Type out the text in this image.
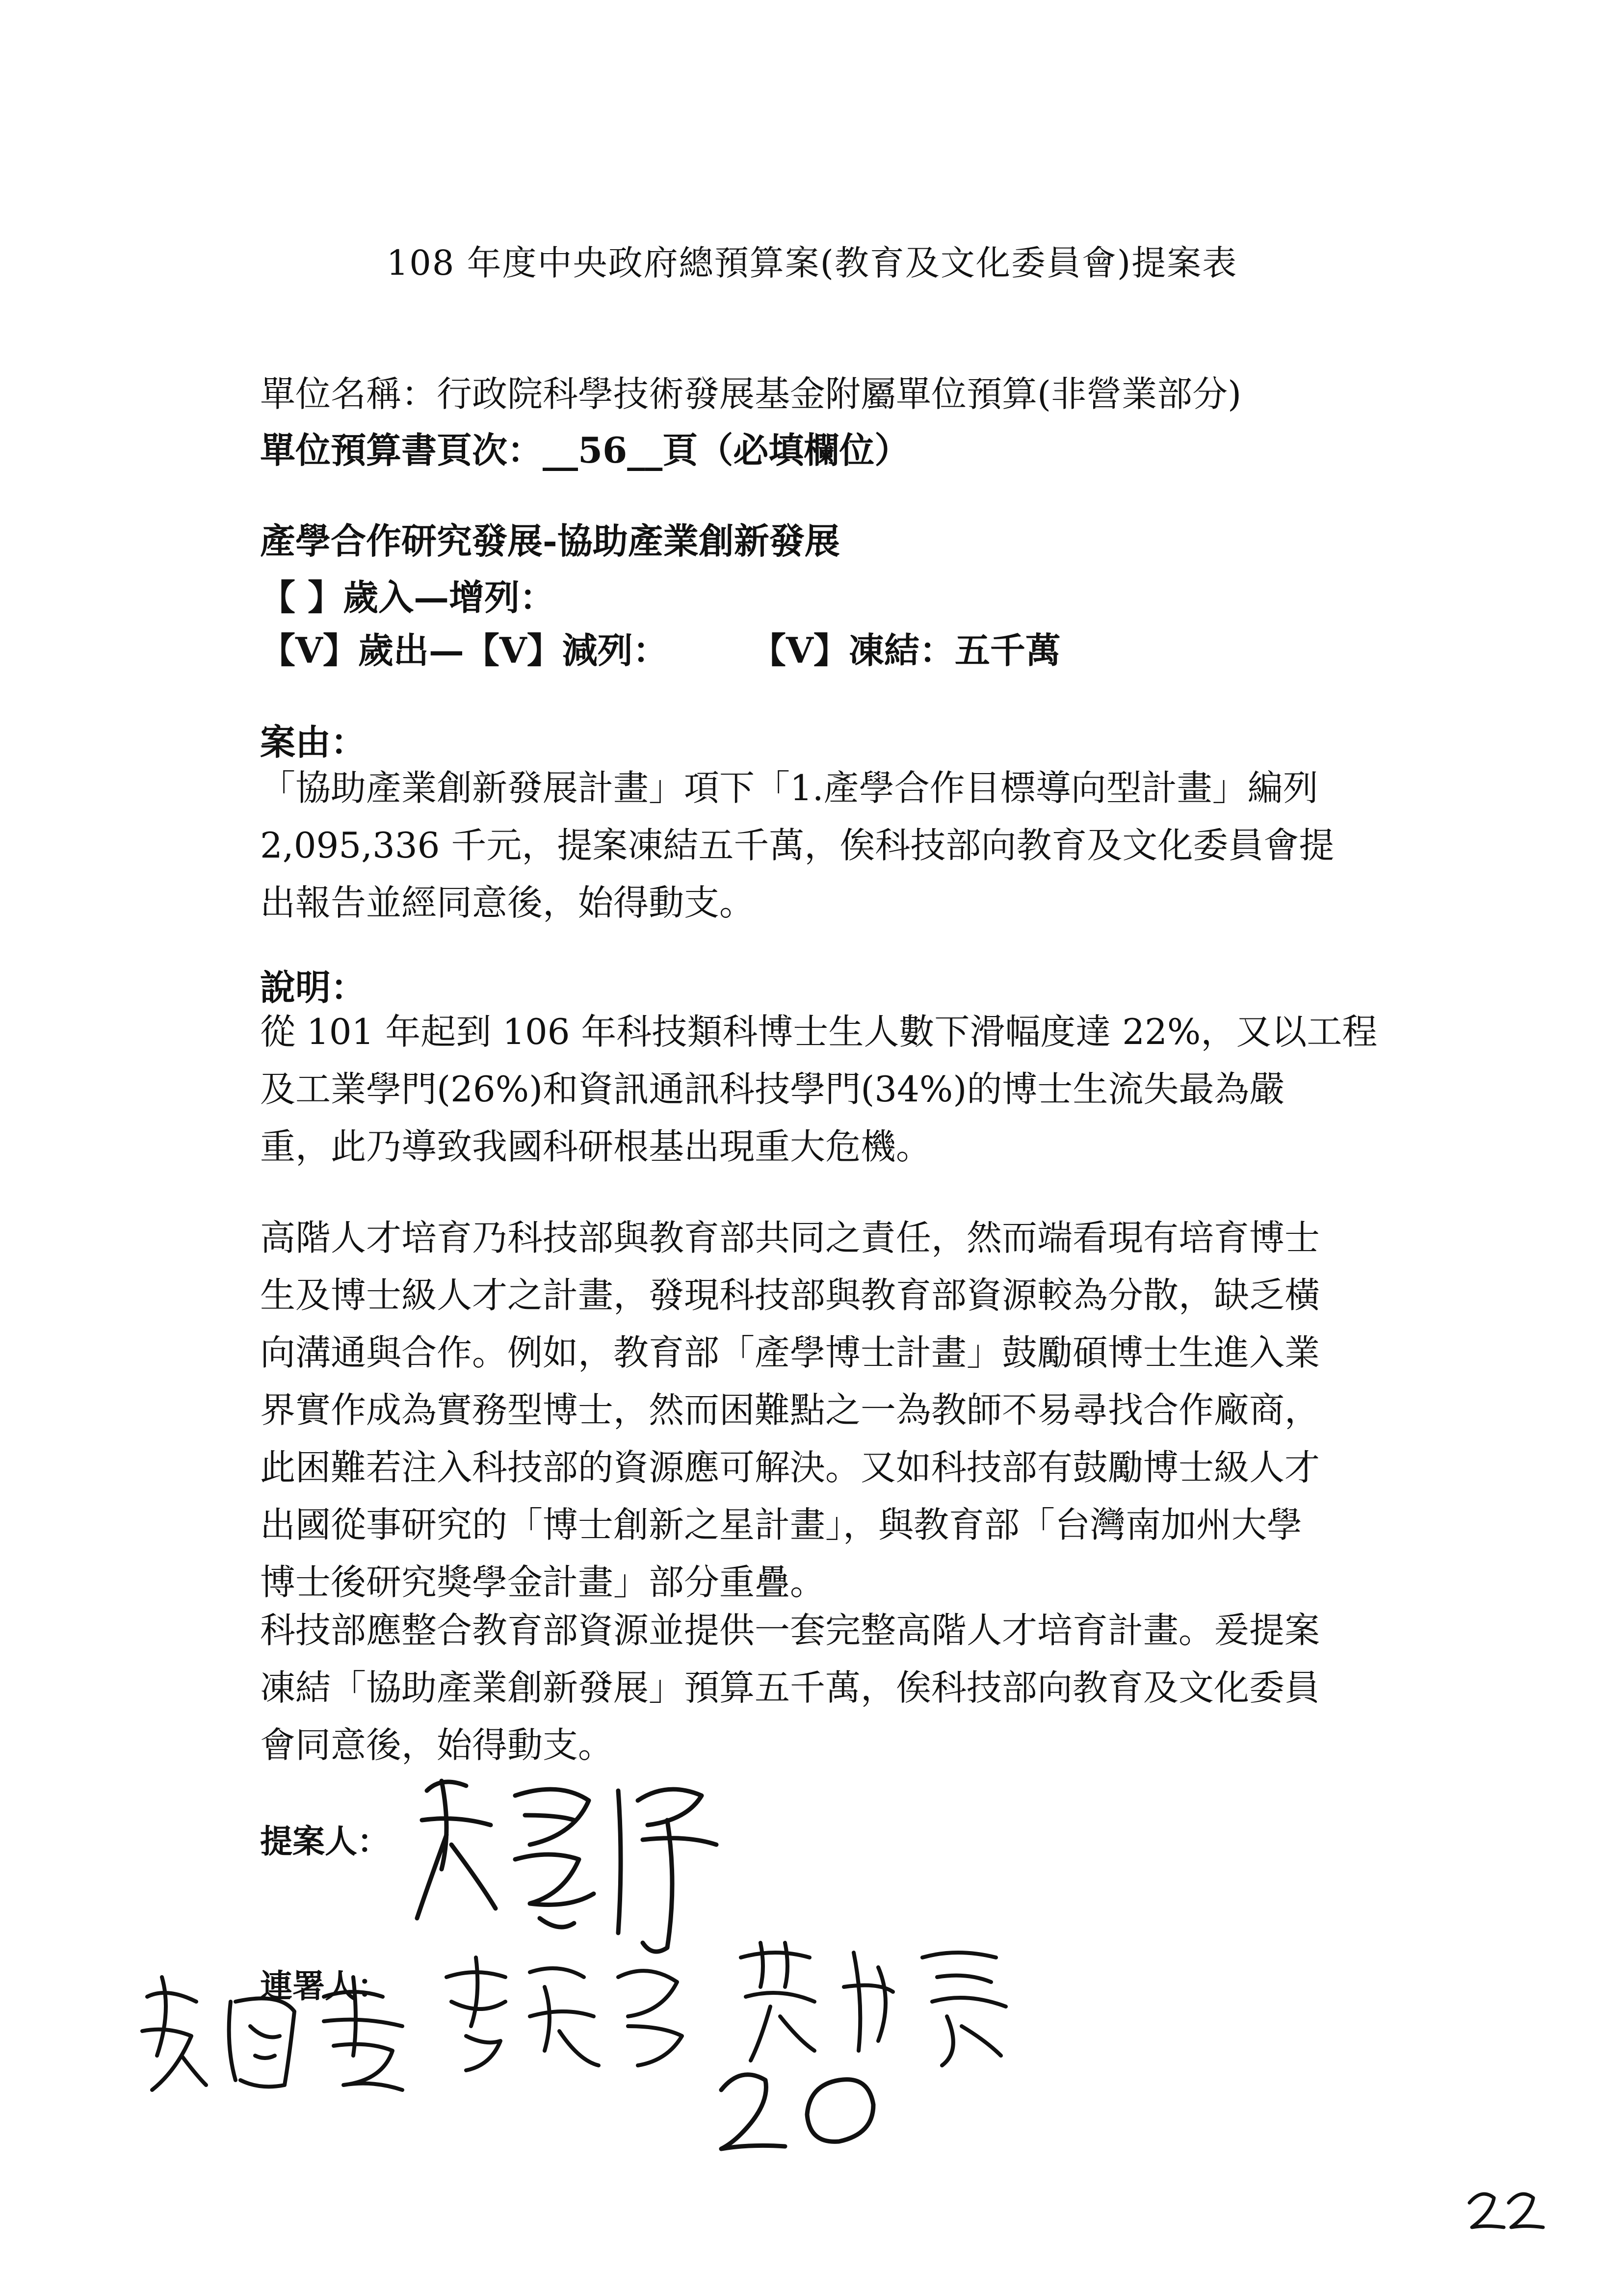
108 年度中央政府總預算案(教育及文化委員會)提案表
單位名稱：行政院科學技術發展基金附屬單位預算(非營業部分)
單位預算書頁次：__56__頁（必填欄位）
產學合作研究發展-協助產業創新發展
【 】歲入—增列：
【V】歲出—【V】減列： 【V】凍結：五千萬
案由：
「協助產業創新發展計畫」項下「1.產學合作目標導向型計畫」編列
2,095,336 千元，提案凍結五千萬，俟科技部向教育及文化委員會提
出報告並經同意後，始得動支。
說明：
從 101 年起到 106 年科技類科博士生人數下滑幅度達 22%，又以工程
及工業學門(26%)和資訊通訊科技學門(34%)的博士生流失最為嚴
重，此乃導致我國科研根基出現重大危機。
高階人才培育乃科技部與教育部共同之責任，然而端看現有培育博士
生及博士級人才之計畫，發現科技部與教育部資源較為分散，缺乏橫
向溝通與合作。例如，教育部「產學博士計畫」鼓勵碩博士生進入業
界實作成為實務型博士，然而困難點之一為教師不易尋找合作廠商，
此困難若注入科技部的資源應可解決。又如科技部有鼓勵博士級人才
出國從事研究的「博士創新之星計畫」，與教育部「台灣南加州大學
博士後研究獎學金計畫」部分重疊。
科技部應整合教育部資源並提供一套完整高階人才培育計畫。爰提案
凍結「協助產業創新發展」預算五千萬，俟科技部向教育及文化委員
會同意後，始得動支。
提案人：
連署人：
